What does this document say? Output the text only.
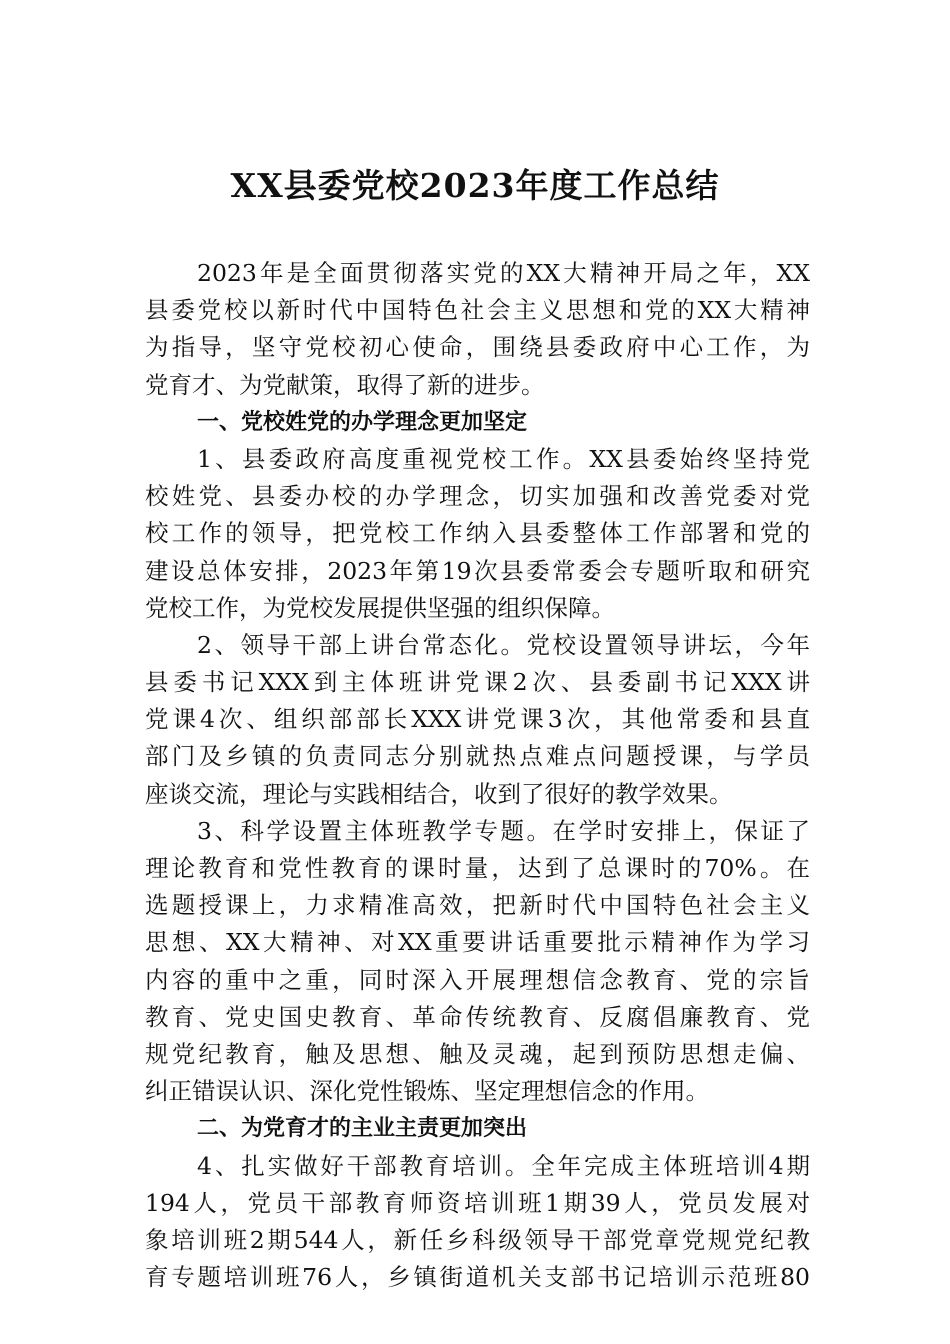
XX县委党校2023年度工作总结
2023年是全面贯彻落实党的XX大精神开局之年，XX
县委党校以新时代中国特色社会主义思想和党的XX大精神
为指导，坚守党校初心使命，围绕县委政府中心工作，为
党育才、为党献策，取得了新的进步。
一、党校姓党的办学理念更加坚定
1、县委政府高度重视党校工作。XX县委始终坚持党
校姓党、县委办校的办学理念，切实加强和改善党委对党
校工作的领导，把党校工作纳入县委整体工作部署和党的
建设总体安排，2023年第19次县委常委会专题听取和研究
党校工作，为党校发展提供坚强的组织保障。
2、领导干部上讲台常态化。党校设置领导讲坛，今年
县委书记XXX到主体班讲党课2次、县委副书记XXX讲
党课4次、组织部部长XXX讲党课3次，其他常委和县直
部门及乡镇的负责同志分别就热点难点问题授课，与学员
座谈交流，理论与实践相结合，收到了很好的教学效果。
3、科学设置主体班教学专题。在学时安排上，保证了
理论教育和党性教育的课时量，达到了总课时的70%。在
选题授课上，力求精准高效，把新时代中国特色社会主义
思想、XX大精神、对XX重要讲话重要批示精神作为学习
内容的重中之重，同时深入开展理想信念教育、党的宗旨
教育、党史国史教育、革命传统教育、反腐倡廉教育、党
规党纪教育，触及思想、触及灵魂，起到预防思想走偏、
纠正错误认识、深化党性锻炼、坚定理想信念的作用。
二、为党育才的主业主责更加突出
4、扎实做好干部教育培训。全年完成主体班培训4期
194人，党员干部教育师资培训班1期39人，党员发展对
象培训班2期544人，新任乡科级领导干部党章党规党纪教
育专题培训班76人，乡镇街道机关支部书记培训示范班80
